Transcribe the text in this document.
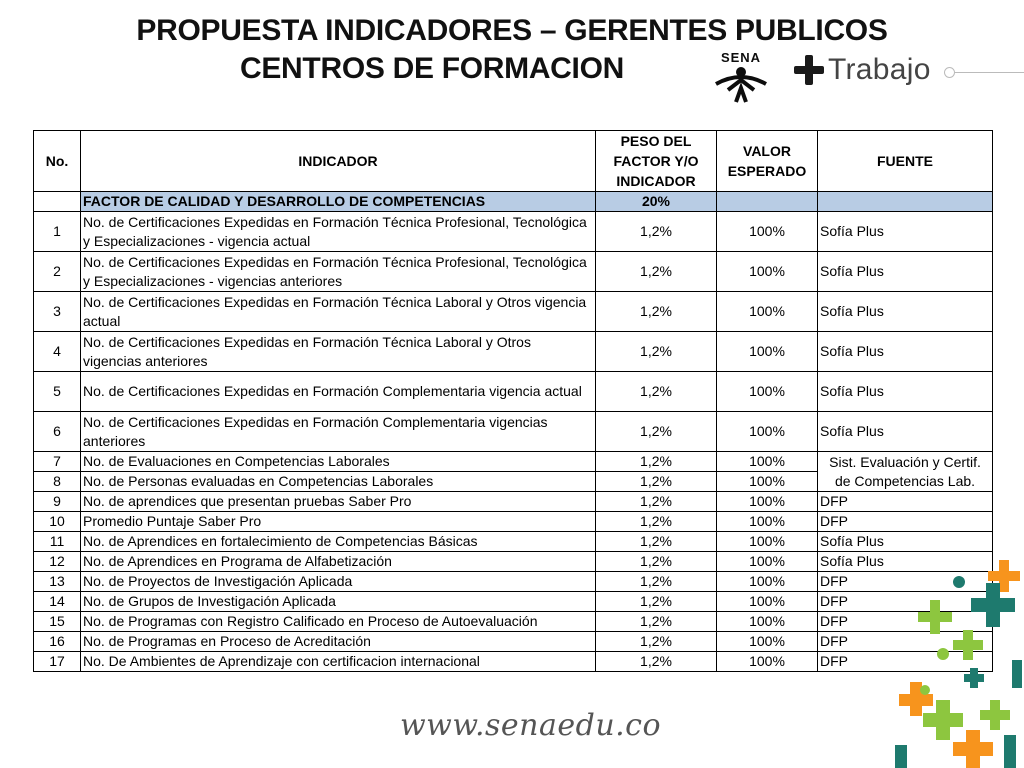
PROPUESTA INDICADORES – GERENTES PUBLICOS

CENTROS DE FORMACION	SENA	Trabajo
No.	INDICADOR	PESO DEL FACTOR Y/O INDICADOR	VALOR ESPERADO	FUENTE
	FACTOR DE CALIDAD Y DESARROLLO DE COMPETENCIAS	20%		
1	No. de Certificaciones Expedidas en Formación Técnica Profesional, Tecnológica y Especializaciones - vigencia actual	1,2%	100%	Sofía Plus
2	No. de Certificaciones Expedidas en Formación Técnica Profesional, Tecnológica y Especializaciones - vigencias anteriores	1,2%	100%	Sofía Plus
3	No. de Certificaciones Expedidas en Formación Técnica Laboral y Otros vigencia actual	1,2%	100%	Sofía Plus
4	No. de Certificaciones Expedidas en Formación Técnica Laboral y Otros vigencias anteriores	1,2%	100%	Sofía Plus
5	No. de Certificaciones Expedidas en Formación Complementaria vigencia actual	1,2%	100%	Sofía Plus
6	No. de Certificaciones Expedidas en Formación Complementaria vigencias anteriores	1,2%	100%	Sofía Plus
7	No. de Evaluaciones en Competencias Laborales	1,2%	100%	Sist. Evaluación y Certif. de Competencias Lab.
8	No. de Personas evaluadas en Competencias Laborales	1,2%	100%	
9	No. de aprendices que presentan pruebas Saber Pro	1,2%	100%	DFP
10	Promedio Puntaje Saber Pro	1,2%	100%	DFP
11	No. de Aprendices en fortalecimiento de Competencias Básicas	1,2%	100%	Sofía Plus
12	No. de Aprendices en Programa de Alfabetización	1,2%	100%	Sofía Plus
13	No. de Proyectos de Investigación Aplicada	1,2%	100%	DFP
14	No. de Grupos de Investigación Aplicada	1,2%	100%	DFP
15	No. de Programas con Registro Calificado en Proceso de Autoevaluación	1,2%	100%	DFP
16	No. de Programas en Proceso de Acreditación	1,2%	100%	DFP
17	No. De Ambientes de Aprendizaje con certificacion internacional	1,2%	100%	DFP
www.senaedu.co
